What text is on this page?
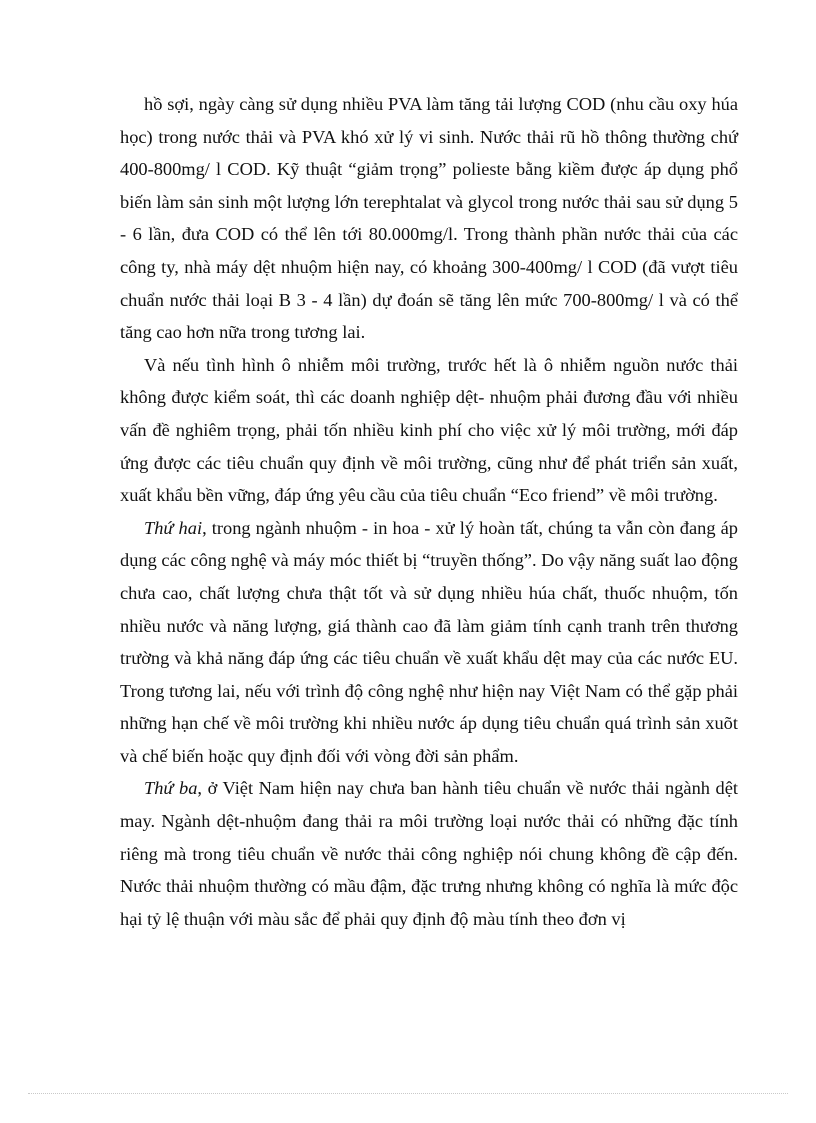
hồ sợi, ngày càng sử dụng nhiều PVA làm tăng tải lượng COD (nhu cầu oxy húa học) trong nước thải và PVA khó xử lý vi sinh. Nước thải rũ hồ thông thường chứ 400-800mg/ l COD. Kỹ thuật “giảm trọng” polieste bằng kiềm được áp dụng phổ biến làm sản sinh một lượng lớn terephtalat và glycol trong nước thải sau sử dụng 5 - 6 lần, đưa COD có thể lên tới 80.000mg/l. Trong thành phần nước thải của các công ty, nhà máy dệt nhuộm hiện nay, có khoảng 300-400mg/ l COD (đã vượt tiêu chuẩn nước thải loại B 3 - 4 lần) dự đoán sẽ tăng lên mức 700-800mg/ l và có thể tăng cao hơn nữa trong tương lai.

Và nếu tình hình ô nhiễm môi trường, trước hết là ô nhiễm nguồn nước thải không được kiểm soát, thì các doanh nghiệp dệt- nhuộm phải đương đầu với nhiều vấn đề nghiêm trọng, phải tốn nhiều kinh phí cho việc xử lý môi trường, mới đáp ứng được các tiêu chuẩn quy định về môi trường, cũng như để phát triển sản xuất, xuất khẩu bền vững, đáp ứng yêu cầu của tiêu chuẩn “Eco friend” về môi trường.

Thứ hai, trong ngành nhuộm - in hoa - xử lý hoàn tất, chúng ta vẫn còn đang áp dụng các công nghệ và máy móc thiết bị “truyền thống”. Do vậy năng suất lao động chưa cao, chất lượng chưa thật tốt và sử dụng nhiều húa chất, thuốc nhuộm, tốn nhiều nước và năng lượng, giá thành cao đã làm giảm tính cạnh tranh trên thương trường và khả năng đáp ứng các tiêu chuẩn về xuất khẩu dệt may của các nước EU. Trong tương lai, nếu với trình độ công nghệ như hiện nay Việt Nam có thể gặp phải những hạn chế về môi trường khi nhiều nước áp dụng tiêu chuẩn quá trình sản xuõt và chế biến hoặc quy định đối với vòng đời sản phẩm.

Thứ ba, ở Việt Nam hiện nay chưa ban hành tiêu chuẩn về nước thải ngành dệt may. Ngành dệt-nhuộm đang thải ra môi trường loại nước thải có những đặc tính riêng mà trong tiêu chuẩn về nước thải công nghiệp nói chung không đề cập đến. Nước thải nhuộm thường có mầu đậm, đặc trưng nhưng không có nghĩa là mức độc hại tỷ lệ thuận với màu sắc để phải quy định độ màu tính theo đơn vị
